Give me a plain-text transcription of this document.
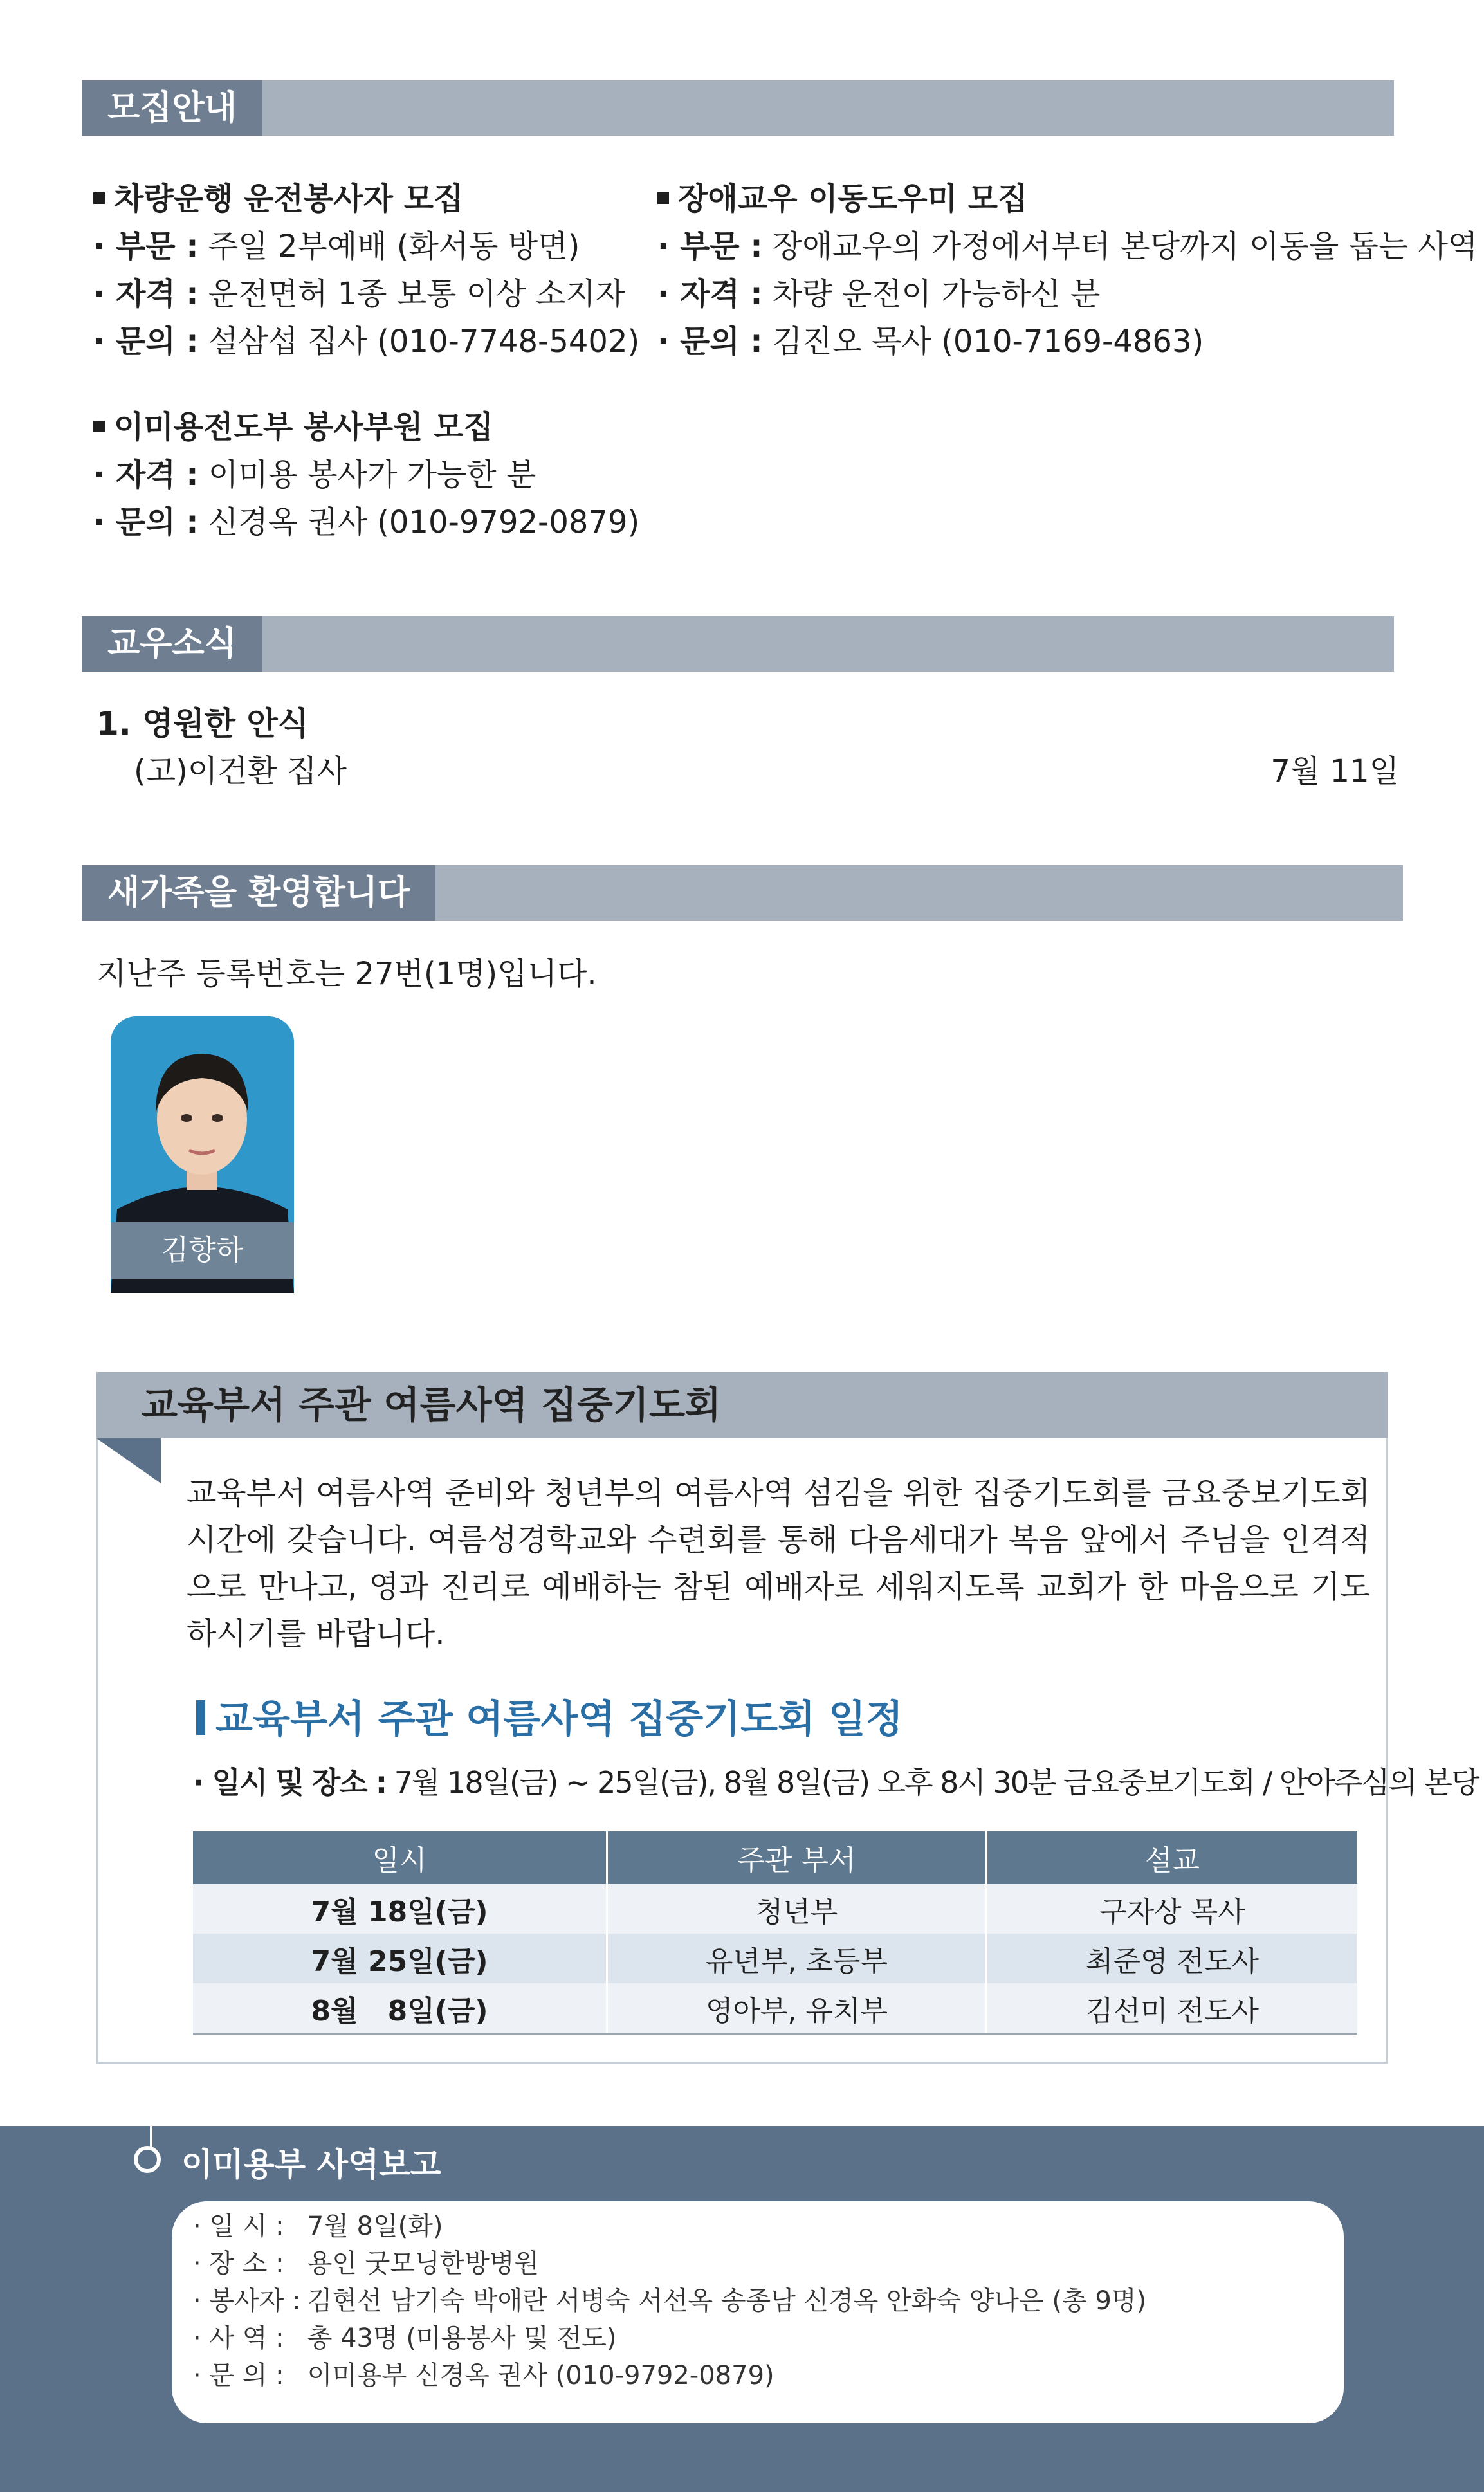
모집안내
차량운행 운전봉사자 모집
· 부문 : 주일 2부예배 (화서동 방면)
· 자격 : 운전면허 1종 보통 이상 소지자
· 문의 : 설삼섭 집사 (010-7748-5402)
장애교우 이동도우미 모집
· 부문 : 장애교우의 가정에서부터 본당까지 이동을 돕는 사역
· 자격 : 차량 운전이 가능하신 분
· 문의 : 김진오 목사 (010-7169-4863)
이미용전도부 봉사부원 모집
· 자격 : 이미용 봉사가 가능한 분
· 문의 : 신경옥 권사 (010-9792-0879)
교우소식
1. 영원한 안식
(고)이건환 집사	7월 11일
새가족을 환영합니다
지난주 등록번호는 27번(1명)입니다.
김향하
교육부서 주관 여름사역 집중기도회
교육부서 여름사역 준비와 청년부의 여름사역 섬김을 위한 집중기도회를 금요중보기도회 시간에 갖습니다. 여름성경학교와 수련회를 통해 다음세대가 복음 앞에서 주님을 인격적으로 만나고, 영과 진리로 예배하는 참된 예배자로 세워지도록 교회가 한 마음으로 기도하시기를 바랍니다.
교육부서 주관 여름사역 집중기도회 일정
· 일시 및 장소 : 7월 18일(금) ~ 25일(금), 8월 8일(금) 오후 8시 30분 금요중보기도회 / 안아주심의 본당
일시	주관 부서	설교
7월 18일(금)	청년부	구자상 목사
7월 25일(금)	유년부, 초등부	최준영 전도사
8월   8일(금)	영아부, 유치부	김선미 전도사
이미용부 사역보고
· 일 시 : 7월 8일(화)
· 장 소 : 용인 굿모닝한방병원
· 봉사자 : 김현선 남기숙 박애란 서병숙 서선옥 송종남 신경옥 안화숙 양나은 (총 9명)
· 사 역 : 총 43명 (미용봉사 및 전도)
· 문 의 : 이미용부 신경옥 권사 (010-9792-0879)
